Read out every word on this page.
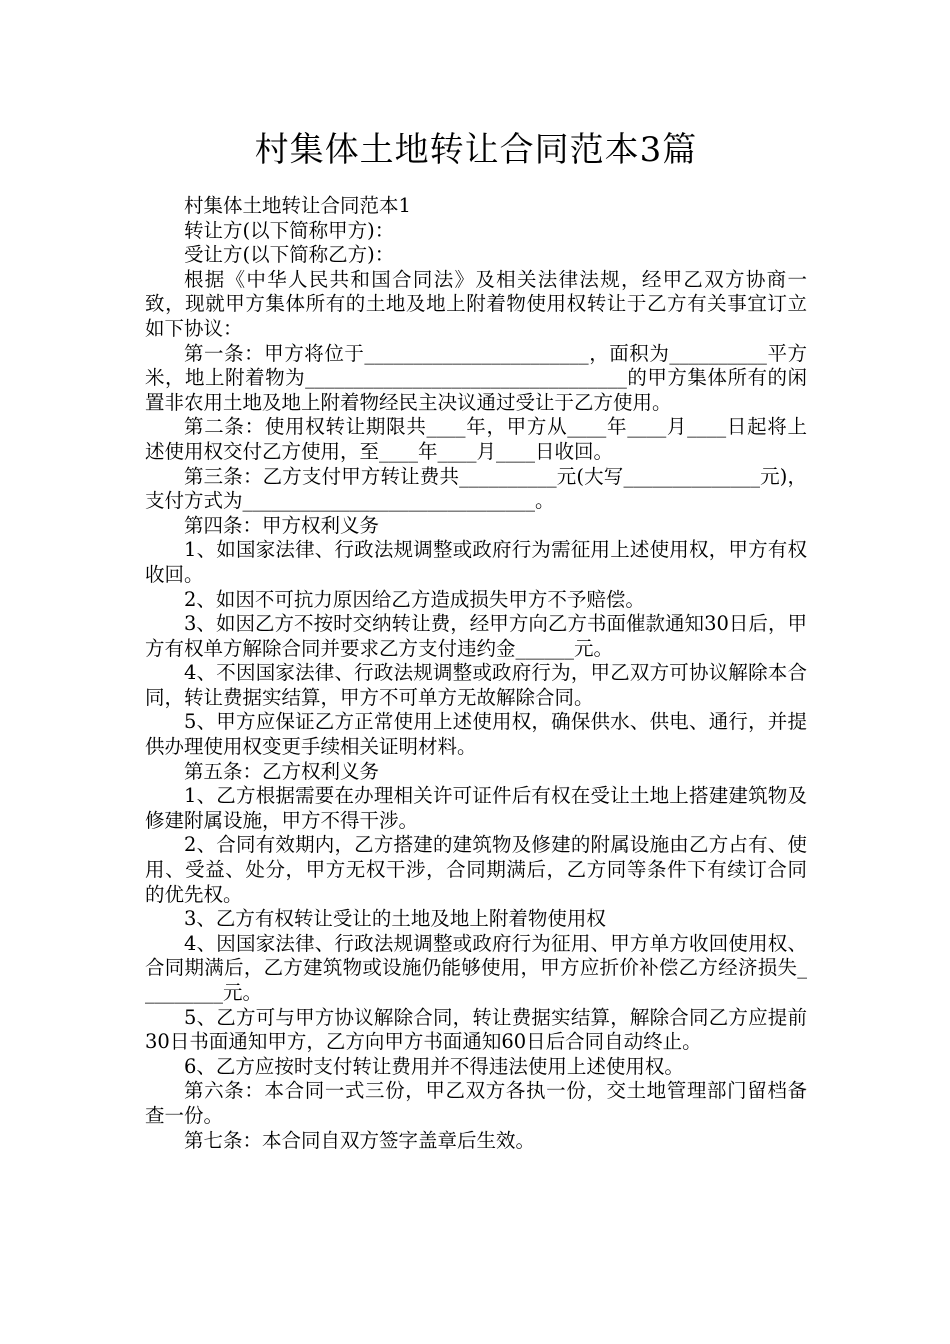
村集体土地转让合同范本3篇

村集体土地转让合同范本1

转让方(以下简称甲方)：

受让方(以下简称乙方)：

根据《中华人民共和国合同法》及相关法律法规，经甲乙双方协商一致，现就甲方集体所有的土地及地上附着物使用权转让于乙方有关事宜订立如下协议：

第一条：甲方将位于_______________________，面积为__________平方米，地上附着物为_________________________________的甲方集体所有的闲置非农用土地及地上附着物经民主决议通过受让于乙方使用。

第二条：使用权转让期限共____年，甲方从____年____月____日起将上述使用权交付乙方使用，至____年____月____日收回。

第三条：乙方支付甲方转让费共__________元(大写______________元)，支付方式为______________________________。

第四条：甲方权利义务

1、如国家法律、行政法规调整或政府行为需征用上述使用权，甲方有权收回。

2、如因不可抗力原因给乙方造成损失甲方不予赔偿。

3、如因乙方不按时交纳转让费，经甲方向乙方书面催款通知30日后，甲方有权单方解除合同并要求乙方支付违约金______元。

4、不因国家法律、行政法规调整或政府行为，甲乙双方可协议解除本合同，转让费据实结算，甲方不可单方无故解除合同。

5、甲方应保证乙方正常使用上述使用权，确保供水、供电、通行，并提供办理使用权变更手续相关证明材料。

第五条：乙方权利义务

1、乙方根据需要在办理相关许可证件后有权在受让土地上搭建建筑物及修建附属设施，甲方不得干涉。

2、合同有效期内，乙方搭建的建筑物及修建的附属设施由乙方占有、使用、受益、处分，甲方无权干涉，合同期满后，乙方同等条件下有续订合同的优先权。

3、乙方有权转让受让的土地及地上附着物使用权

4、因国家法律、行政法规调整或政府行为征用、甲方单方收回使用权、合同期满后，乙方建筑物或设施仍能够使用，甲方应折价补偿乙方经济损失_________元。

5、乙方可与甲方协议解除合同，转让费据实结算，解除合同乙方应提前30日书面通知甲方，乙方向甲方书面通知60日后合同自动终止。

6、乙方应按时支付转让费用并不得违法使用上述使用权。

第六条：本合同一式三份，甲乙双方各执一份，交土地管理部门留档备查一份。

第七条：本合同自双方签字盖章后生效。
